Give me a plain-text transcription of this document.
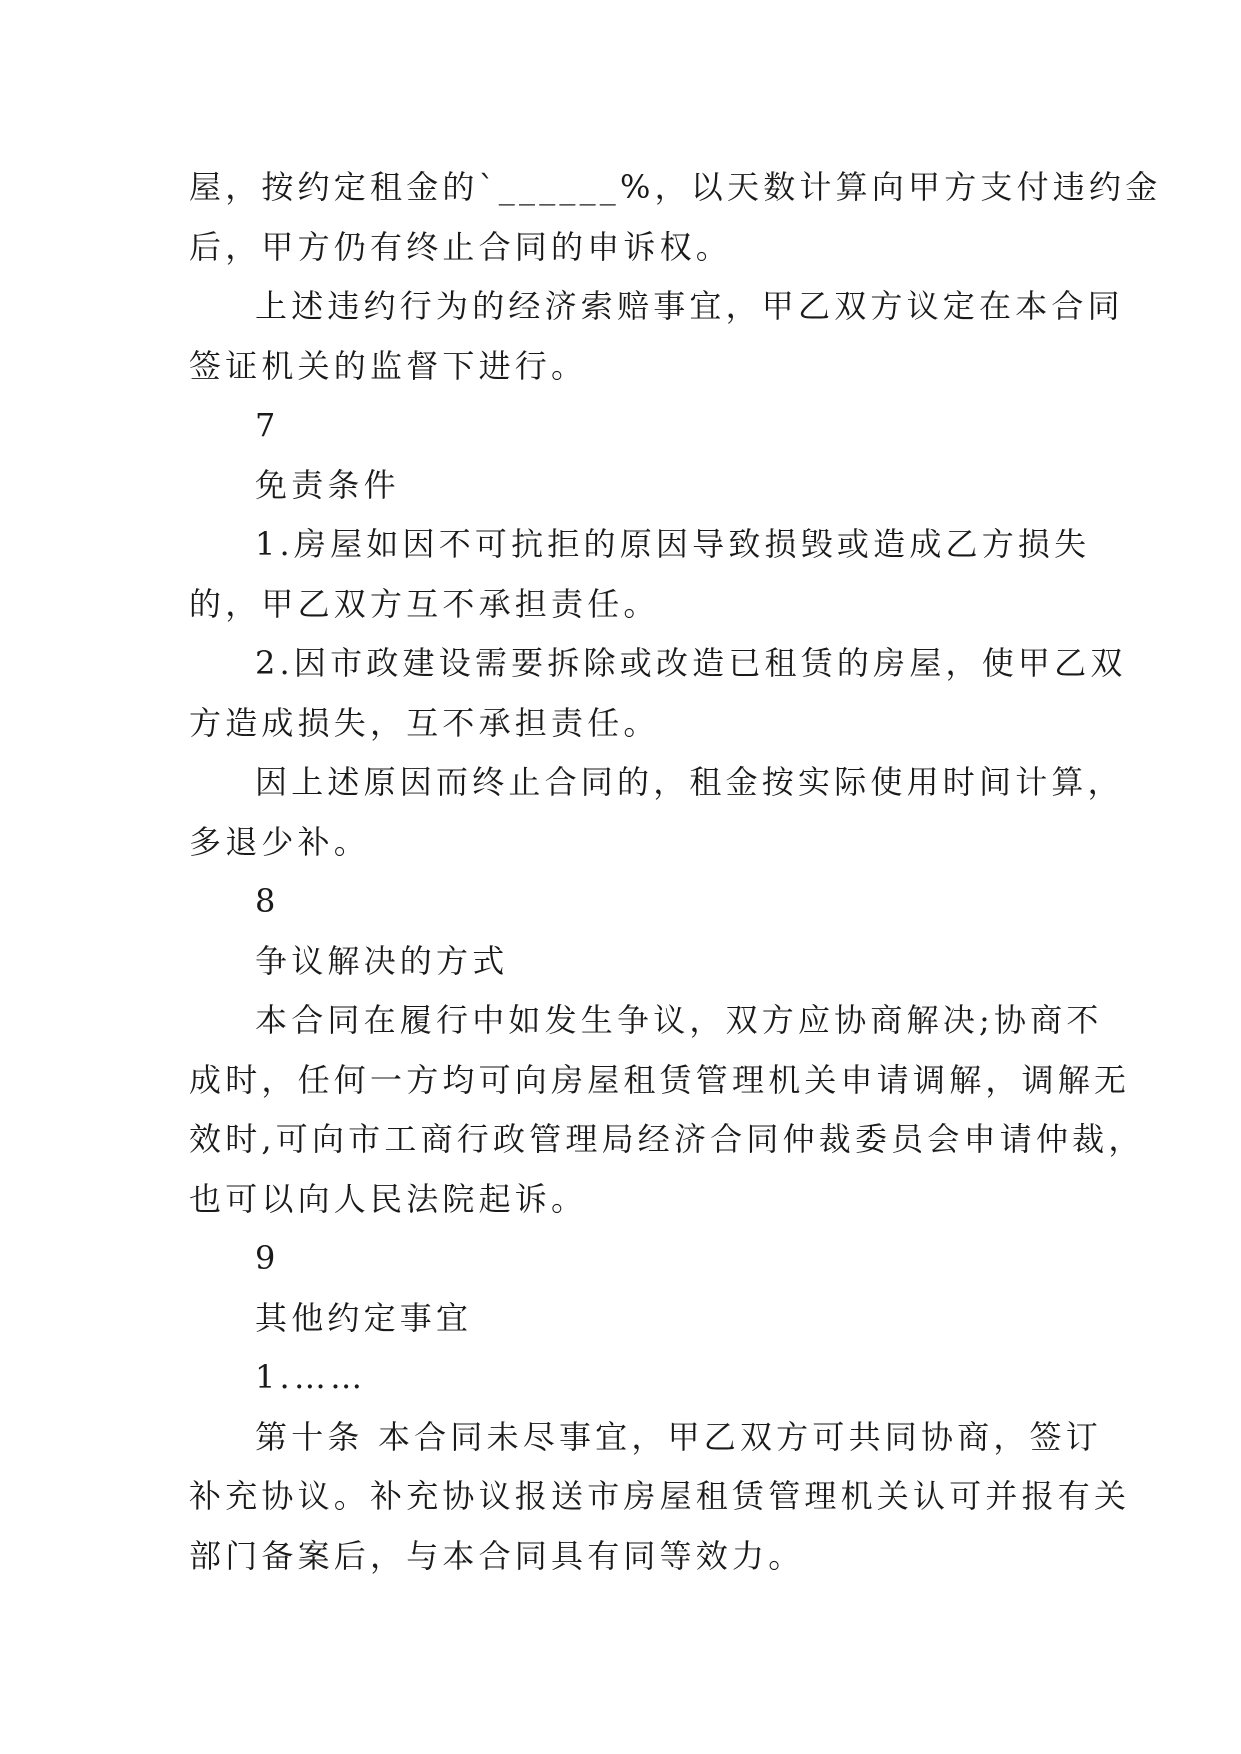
屋，按约定租金的`______%，以天数计算向甲方支付违约金
后，甲方仍有终止合同的申诉权。
上述违约行为的经济索赔事宜，甲乙双方议定在本合同
签证机关的监督下进行。
7
免责条件
1.房屋如因不可抗拒的原因导致损毁或造成乙方损失
的，甲乙双方互不承担责任。
2.因市政建设需要拆除或改造已租赁的房屋，使甲乙双
方造成损失，互不承担责任。
因上述原因而终止合同的，租金按实际使用时间计算，
多退少补。
8
争议解决的方式
本合同在履行中如发生争议，双方应协商解决;协商不
成时，任何一方均可向房屋租赁管理机关申请调解，调解无
效时,可向市工商行政管理局经济合同仲裁委员会申请仲裁，
也可以向人民法院起诉。
9
其他约定事宜
1.……
第十条 本合同未尽事宜，甲乙双方可共同协商，签订
补充协议。补充协议报送市房屋租赁管理机关认可并报有关
部门备案后，与本合同具有同等效力。
